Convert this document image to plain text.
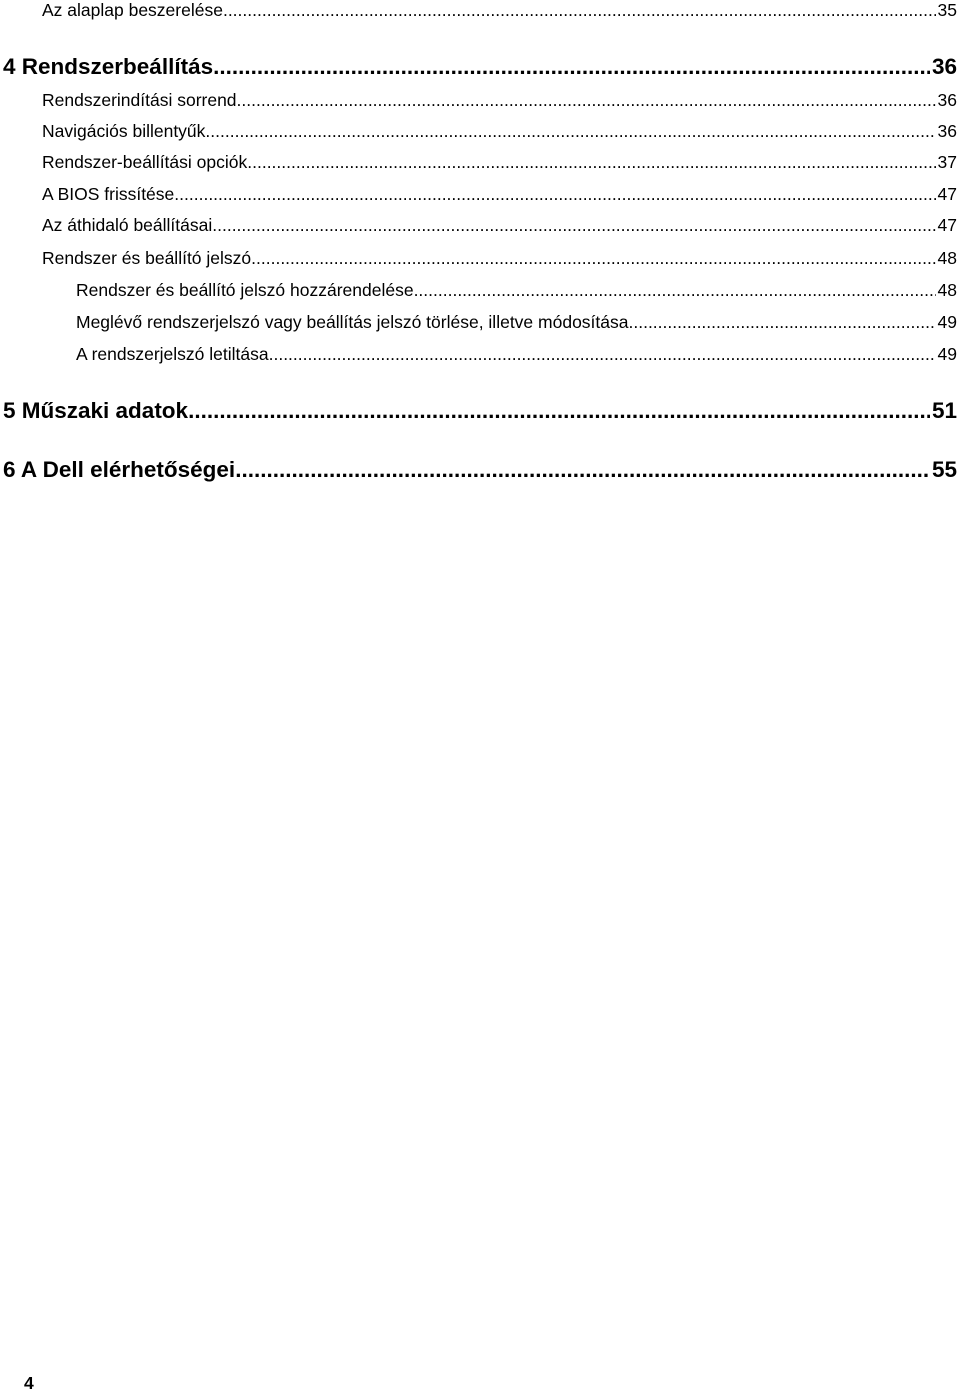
Az alaplap beszerelése .....	35
4 Rendszerbeállítás .....	36
Rendszerindítási sorrend .....	36
Navigációs billentyűk .....	36
Rendszer-beállítási opciók .....	37
A BIOS frissítése .....	47
Az áthidaló beállításai .....	47
Rendszer és beállító jelszó .....	48
Rendszer és beállító jelszó hozzárendelése .....	48
Meglévő rendszerjelszó vagy beállítás jelszó törlése, illetve módosítása .....	49
A rendszerjelszó letiltása .....	49
5 Műszaki adatok .....	51
6 A Dell elérhetőségei .....	55
4
